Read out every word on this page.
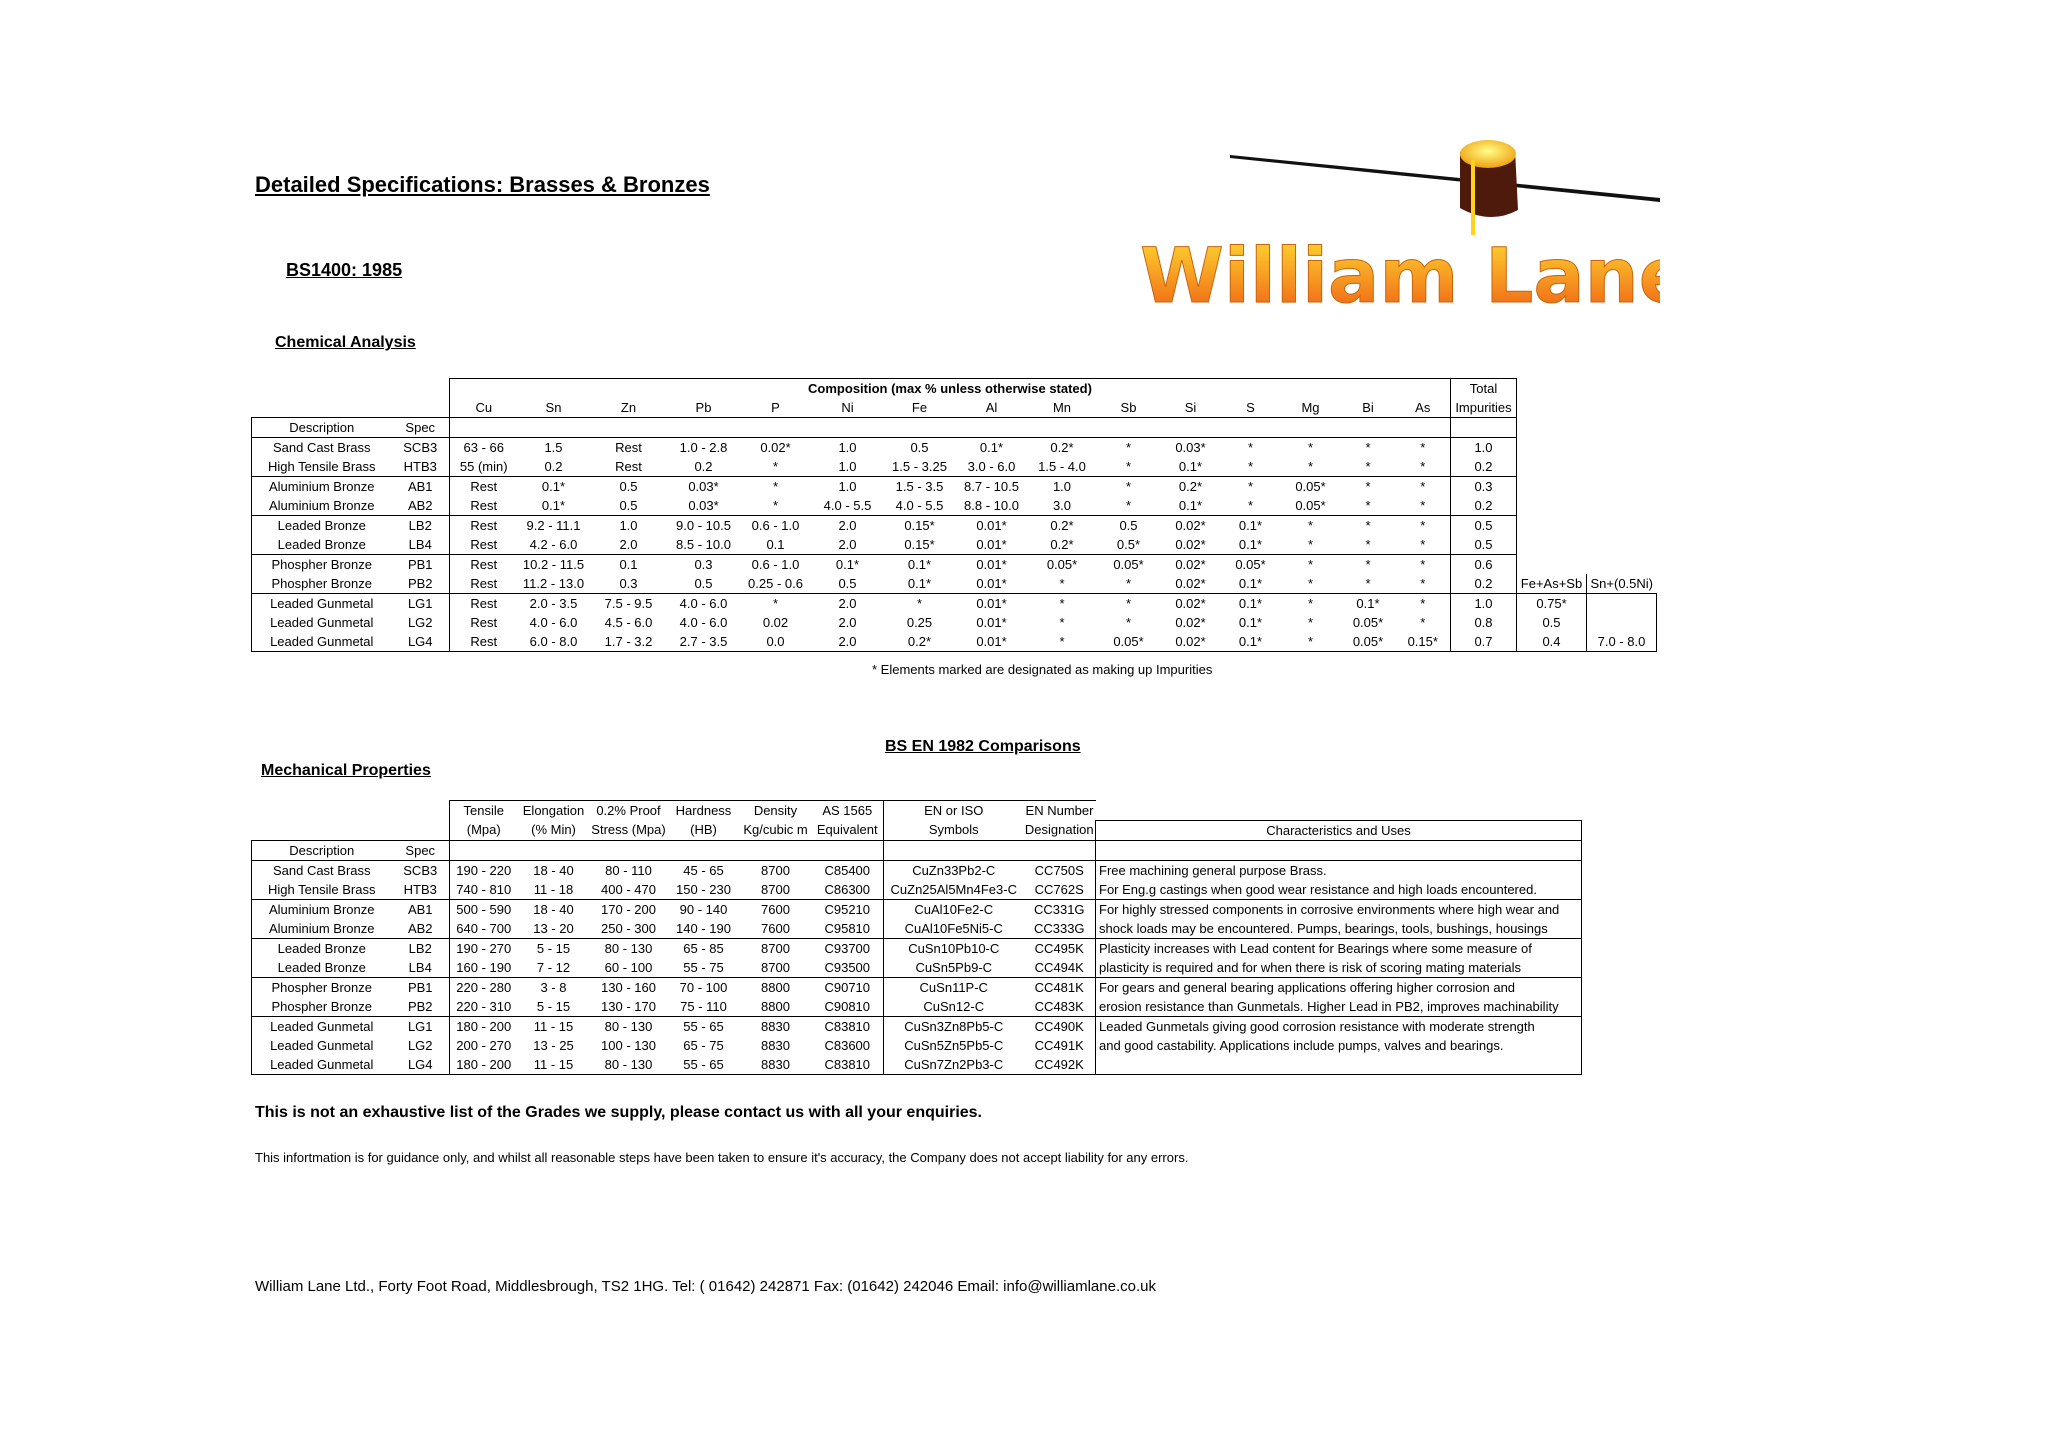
Detailed Specifications: Brasses & Bronzes
BS1400: 1985
Chemical Analysis
William Lane
		Composition (max % unless otherwise stated)															Total		
		Cu	Sn	Zn	Pb	P	Ni	Fe	Al	Mn	Sb	Si	S	Mg	Bi	As	Impurities		
Description	Spec																		
Sand Cast Brass	SCB3	63 - 66	1.5	Rest	1.0 - 2.8	0.02*	1.0	0.5	0.1*	0.2*	*	0.03*	*	*	*	*	1.0		
High Tensile Brass	HTB3	55 (min)	0.2	Rest	0.2	*	1.0	1.5 - 3.25	3.0 - 6.0	1.5 - 4.0	*	0.1*	*	*	*	*	0.2		
Aluminium Bronze	AB1	Rest	0.1*	0.5	0.03*	*	1.0	1.5 - 3.5	8.7 - 10.5	1.0	*	0.2*	*	0.05*	*	*	0.3		
Aluminium Bronze	AB2	Rest	0.1*	0.5	0.03*	*	4.0 - 5.5	4.0 - 5.5	8.8 - 10.0	3.0	*	0.1*	*	0.05*	*	*	0.2		
Leaded Bronze	LB2	Rest	9.2 - 11.1	1.0	9.0 - 10.5	0.6 - 1.0	2.0	0.15*	0.01*	0.2*	0.5	0.02*	0.1*	*	*	*	0.5		
Leaded Bronze	LB4	Rest	4.2 - 6.0	2.0	8.5 - 10.0	0.1	2.0	0.15*	0.01*	0.2*	0.5*	0.02*	0.1*	*	*	*	0.5		
Phospher Bronze	PB1	Rest	10.2 - 11.5	0.1	0.3	0.6 - 1.0	0.1*	0.1*	0.01*	0.05*	0.05*	0.02*	0.05*	*	*	*	0.6		
Phospher Bronze	PB2	Rest	11.2 - 13.0	0.3	0.5	0.25 - 0.6	0.5	0.1*	0.01*	*	*	0.02*	0.1*	*	*	*	0.2	Fe+As+Sb	Sn+(0.5Ni)
Leaded Gunmetal	LG1	Rest	2.0 - 3.5	7.5 - 9.5	4.0 - 6.0	*	2.0	*	0.01*	*	*	0.02*	0.1*	*	0.1*	*	1.0	0.75*	
Leaded Gunmetal	LG2	Rest	4.0 - 6.0	4.5 - 6.0	4.0 - 6.0	0.02	2.0	0.25	0.01*	*	*	0.02*	0.1*	*	0.05*	*	0.8	0.5	
Leaded Gunmetal	LG4	Rest	6.0 - 8.0	1.7 - 3.2	2.7 - 3.5	0.0	2.0	0.2*	0.01*	*	0.05*	0.02*	0.1*	*	0.05*	0.15*	0.7	0.4	7.0 - 8.0
* Elements marked are designated as making up Impurities
BS EN 1982 Comparisons
Mechanical Properties
		Tensile	Elongation	0.2% Proof	Hardness	Density	AS 1565	EN or ISO	EN Number	
		(Mpa)	(% Min)	Stress (Mpa)	(HB)	Kg/cubic m	Equivalent	Symbols	Designation	Characteristics and Uses
Description	Spec									
Sand Cast Brass	SCB3	190 - 220	18 - 40	80 - 110	45 - 65	8700	C85400	CuZn33Pb2-C	CC750S	Free machining general purpose Brass.
High Tensile Brass	HTB3	740 - 810	11 - 18	400 - 470	150 - 230	8700	C86300	CuZn25Al5Mn4Fe3-C	CC762S	For Eng.g castings when good wear resistance and high loads encountered.
Aluminium Bronze	AB1	500 - 590	18 - 40	170 - 200	90 - 140	7600	C95210	CuAl10Fe2-C	CC331G	For highly stressed components in corrosive environments where high wear and
Aluminium Bronze	AB2	640 - 700	13 - 20	250 - 300	140 - 190	7600	C95810	CuAl10Fe5Ni5-C	CC333G	shock loads may be encountered. Pumps, bearings, tools, bushings, housings
Leaded Bronze	LB2	190 - 270	5 - 15	80 - 130	65 - 85	8700	C93700	CuSn10Pb10-C	CC495K	Plasticity increases with Lead content for Bearings where some measure of
Leaded Bronze	LB4	160 - 190	7 - 12	60 - 100	55 - 75	8700	C93500	CuSn5Pb9-C	CC494K	plasticity is required and for when there is risk of scoring mating materials
Phospher Bronze	PB1	220 - 280	3 - 8	130 - 160	70 - 100	8800	C90710	CuSn11P-C	CC481K	For gears and general bearing applications offering higher corrosion and
Phospher Bronze	PB2	220 - 310	5 - 15	130 - 170	75 - 110	8800	C90810	CuSn12-C	CC483K	erosion resistance than Gunmetals. Higher Lead in PB2, improves machinability
Leaded Gunmetal	LG1	180 - 200	11 - 15	80 - 130	55 - 65	8830	C83810	CuSn3Zn8Pb5-C	CC490K	Leaded Gunmetals giving good corrosion resistance with moderate strength
Leaded Gunmetal	LG2	200 - 270	13 - 25	100 - 130	65 - 75	8830	C83600	CuSn5Zn5Pb5-C	CC491K	and good castability. Applications include pumps, valves and bearings.
Leaded Gunmetal	LG4	180 - 200	11 - 15	80 - 130	55 - 65	8830	C83810	CuSn7Zn2Pb3-C	CC492K	
This is not an exhaustive list of the Grades we supply, please contact us with all your enquiries.
This infortmation is for guidance only, and whilst all reasonable steps have been taken to ensure it's accuracy, the Company does not accept liability for any errors.
William Lane Ltd., Forty Foot Road, Middlesbrough, TS2 1HG. Tel: ( 01642) 242871 Fax: (01642) 242046 Email: info@williamlane.co.uk
